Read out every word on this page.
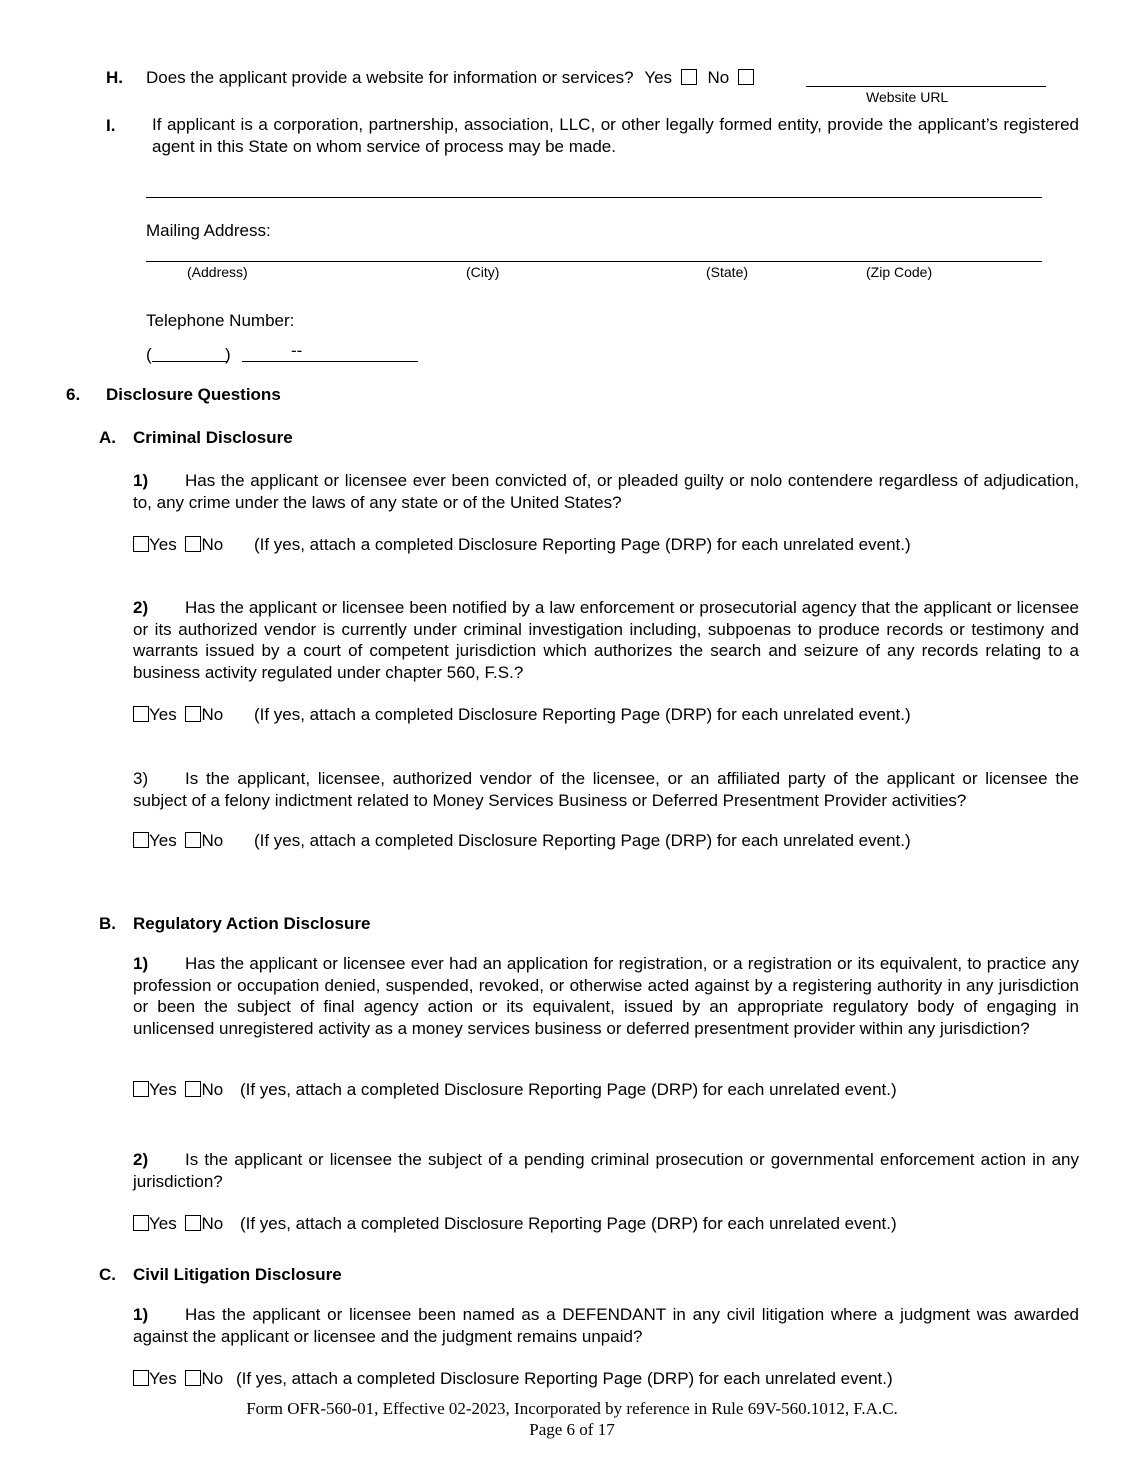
H. Does the applicant provide a website for information or services? Yes No
Website URL
I. If applicant is a corporation, partnership, association, LLC, or other legally formed entity, provide the applicant’s registered agent in this State on whom service of process may be made.
Mailing Address:
(Address)	(City)	(State)	(Zip Code)
Telephone Number:
(	)	--
6. Disclosure Questions
A. Criminal Disclosure
1) Has the applicant or licensee ever been convicted of, or pleaded guilty or nolo contendere regardless of adjudication, to, any crime under the laws of any state or of the United States?
Yes No (If yes, attach a completed Disclosure Reporting Page (DRP) for each unrelated event.)
2) Has the applicant or licensee been notified by a law enforcement or prosecutorial agency that the applicant or licensee or its authorized vendor is currently under criminal investigation including, subpoenas to produce records or testimony and warrants issued by a court of competent jurisdiction which authorizes the search and seizure of any records relating to a business activity regulated under chapter 560, F.S.?
Yes No (If yes, attach a completed Disclosure Reporting Page (DRP) for each unrelated event.)
3) Is the applicant, licensee, authorized vendor of the licensee, or an affiliated party of the applicant or licensee the subject of a felony indictment related to Money Services Business or Deferred Presentment Provider activities?
Yes No (If yes, attach a completed Disclosure Reporting Page (DRP) for each unrelated event.)
B. Regulatory Action Disclosure
1) Has the applicant or licensee ever had an application for registration, or a registration or its equivalent, to practice any profession or occupation denied, suspended, revoked, or otherwise acted against by a registering authority in any jurisdiction or been the subject of final agency action or its equivalent, issued by an appropriate regulatory body of engaging in unlicensed unregistered activity as a money services business or deferred presentment provider within any jurisdiction?
Yes No (If yes, attach a completed Disclosure Reporting Page (DRP) for each unrelated event.)
2) Is the applicant or licensee the subject of a pending criminal prosecution or governmental enforcement action in any jurisdiction?
Yes No (If yes, attach a completed Disclosure Reporting Page (DRP) for each unrelated event.)
C. Civil Litigation Disclosure
1) Has the applicant or licensee been named as a DEFENDANT in any civil litigation where a judgment was awarded against the applicant or licensee and the judgment remains unpaid?
Yes No (If yes, attach a completed Disclosure Reporting Page (DRP) for each unrelated event.)
Form OFR-560-01, Effective 02-2023, Incorporated by reference in Rule 69V-560.1012, F.A.C.
Page 6 of 17
